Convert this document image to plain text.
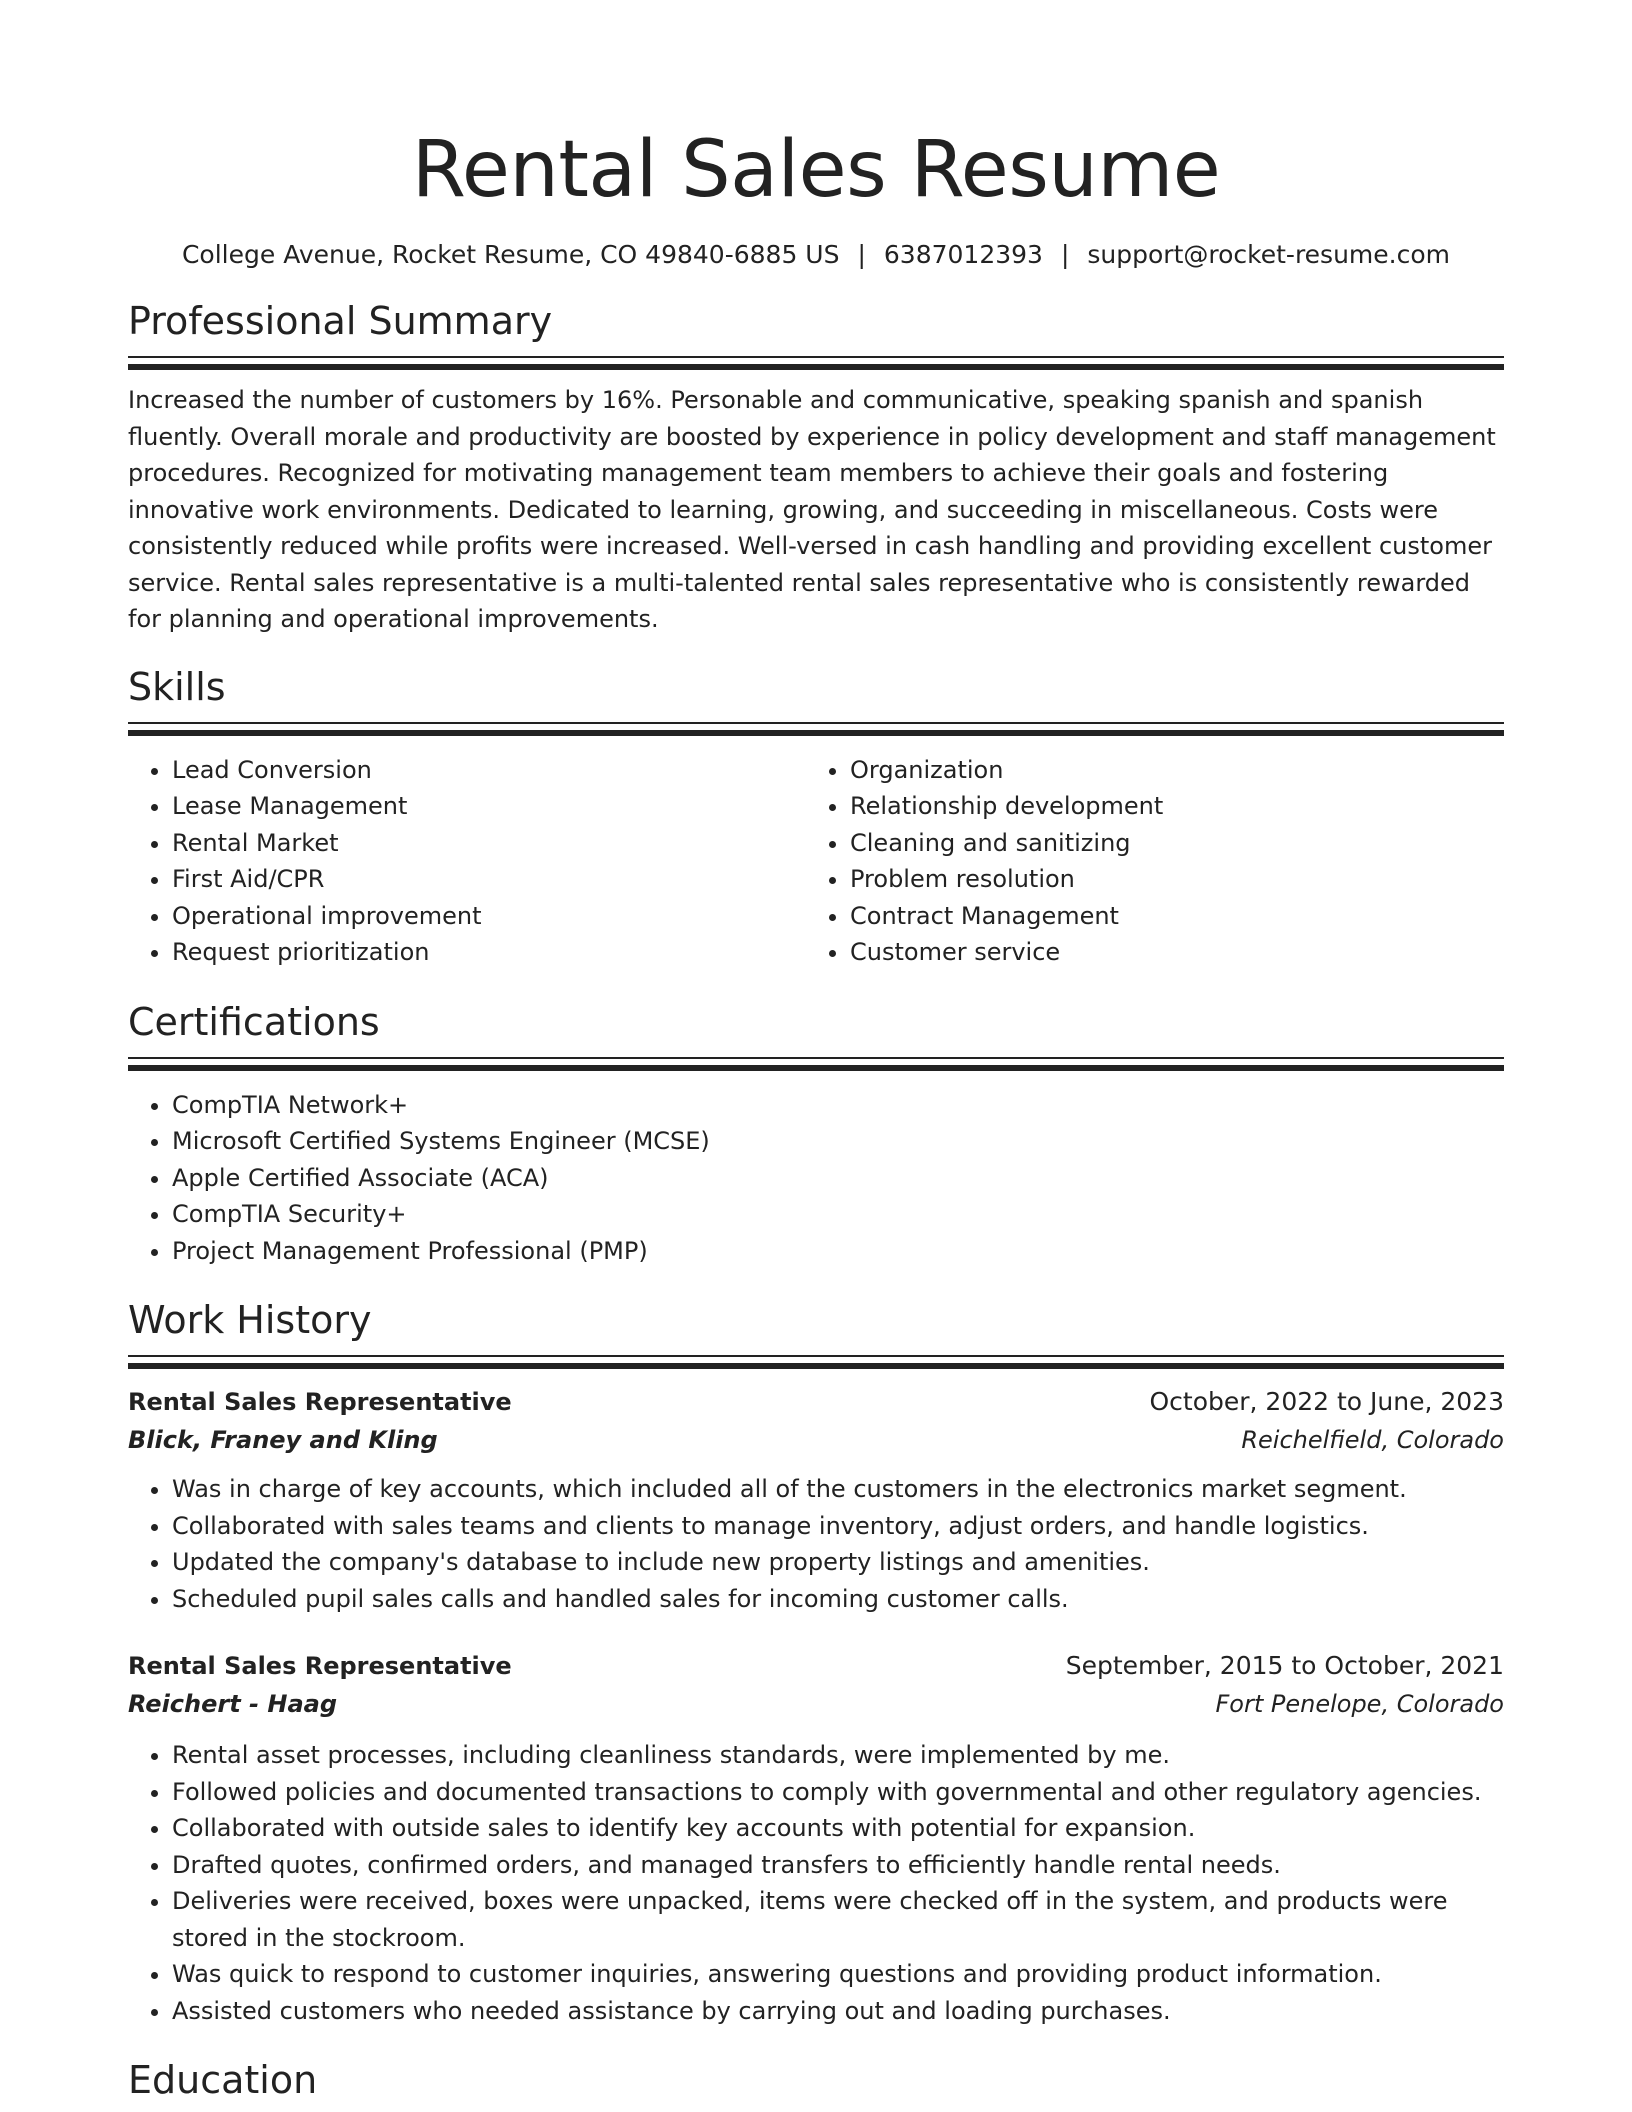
Rental Sales Resume
College Avenue, Rocket Resume, CO 49840-6885 US | 6387012393 | support@rocket-resume.com
Professional Summary

Increased the number of customers by 16%. Personable and communicative, speaking spanish and spanish fluently. Overall morale and productivity are boosted by experience in policy development and staff management procedures. Recognized for motivating management team members to achieve their goals and fostering innovative work environments. Dedicated to learning, growing, and succeeding in miscellaneous. Costs were consistently reduced while profits were increased. Well-versed in cash handling and providing excellent customer service. Rental sales representative is a multi-talented rental sales representative who is consistently rewarded for planning and operational improvements.

Skills
• Lead Conversion
• Lease Management
• Rental Market
• First Aid/CPR
• Operational improvement
• Request prioritization
• Organization
• Relationship development
• Cleaning and sanitizing
• Problem resolution
• Contract Management
• Customer service
Certifications
• CompTIA Network+
• Microsoft Certified Systems Engineer (MCSE)
• Apple Certified Associate (ACA)
• CompTIA Security+
• Project Management Professional (PMP)
Work History
Rental Sales Representative	October, 2022 to June, 2023
Blick, Franey and Kling	Reichelfield, Colorado
• Was in charge of key accounts, which included all of the customers in the electronics market segment.
• Collaborated with sales teams and clients to manage inventory, adjust orders, and handle logistics.
• Updated the company's database to include new property listings and amenities.
• Scheduled pupil sales calls and handled sales for incoming customer calls.
Rental Sales Representative	September, 2015 to October, 2021
Reichert - Haag	Fort Penelope, Colorado
• Rental asset processes, including cleanliness standards, were implemented by me.
• Followed policies and documented transactions to comply with governmental and other regulatory agencies.
• Collaborated with outside sales to identify key accounts with potential for expansion.
• Drafted quotes, confirmed orders, and managed transfers to efficiently handle rental needs.
• Deliveries were received, boxes were unpacked, items were checked off in the system, and products were stored in the stockroom.
• Was quick to respond to customer inquiries, answering questions and providing product information.
• Assisted customers who needed assistance by carrying out and loading purchases.
Education
